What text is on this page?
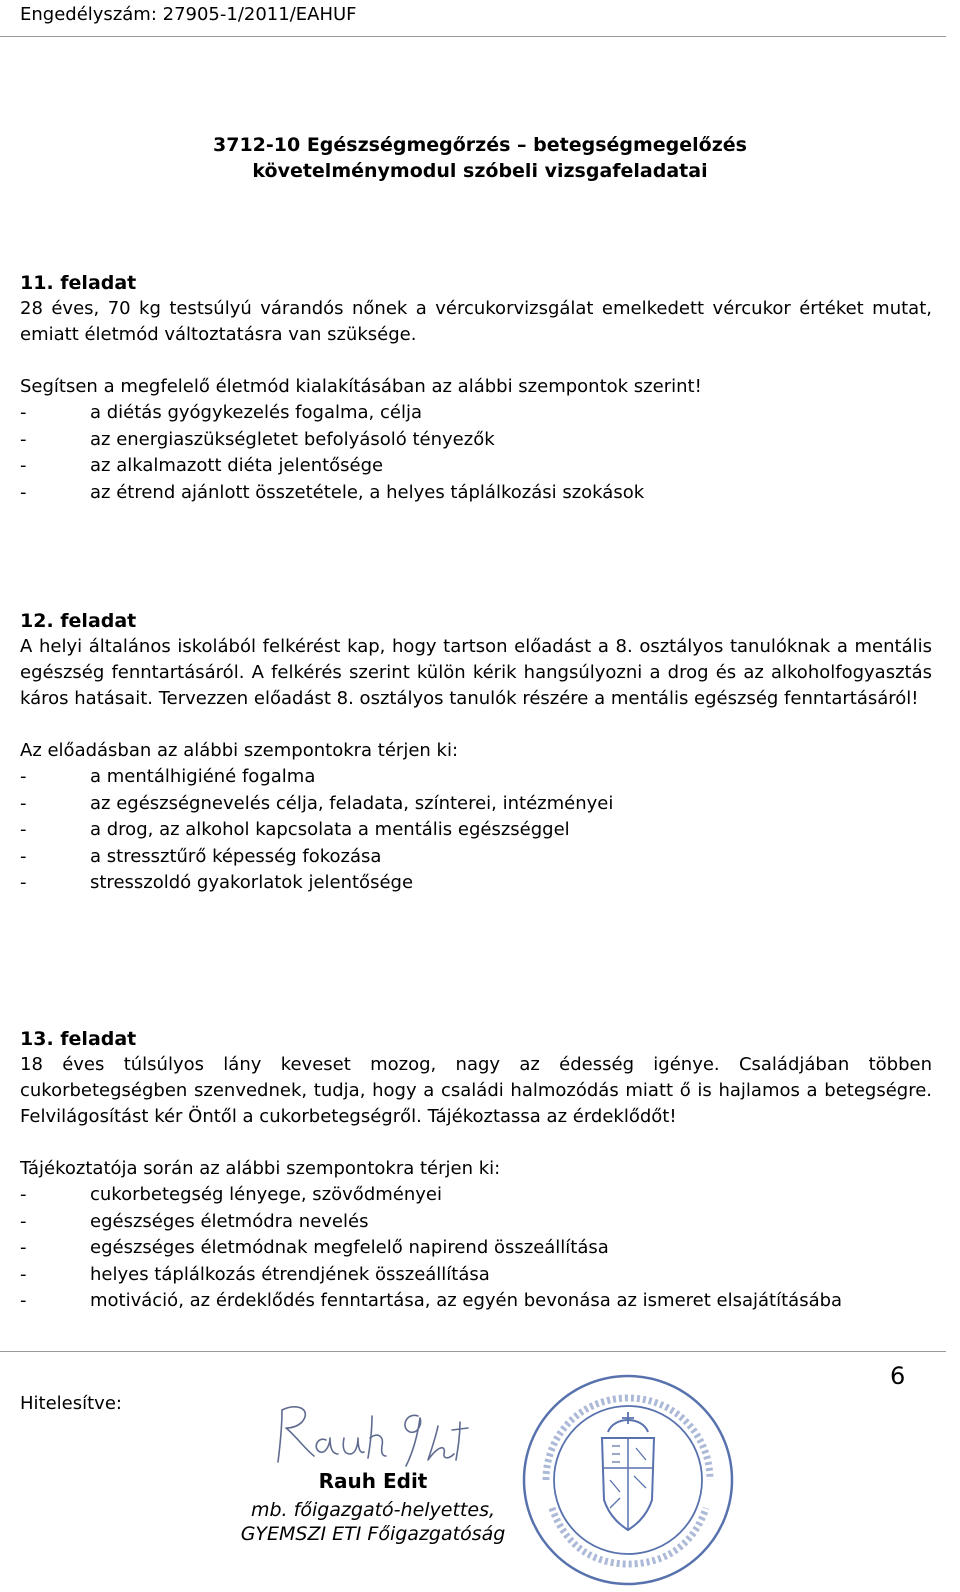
Engedélyszám: 27905-1/2011/EAHUF
3712-10 Egészségmegőrzés – betegségmegelőzés
követelménymodul szóbeli vizsgafeladatai
11. feladat

28 éves, 70 kg testsúlyú várandós nőnek a vércukorvizsgálat emelkedett vércukor értéket mutat, emiatt életmód változtatásra van szüksége.

Segítsen a megfelelő életmód kialakításában az alábbi szempontok szerint!

-	a diétás gyógykezelés fogalma, célja
-	az energiaszükségletet befolyásoló tényezők
-	az alkalmazott diéta jelentősége
-	az étrend ajánlott összetétele, a helyes táplálkozási szokások
12. feladat

A helyi általános iskolából felkérést kap, hogy tartson előadást a 8. osztályos tanulóknak a mentális egészség fenntartásáról. A felkérés szerint külön kérik hangsúlyozni a drog és az alkoholfogyasztás káros hatásait. Tervezzen előadást 8. osztályos tanulók részére a mentális egészség fenntartásáról!

Az előadásban az alábbi szempontokra térjen ki:

-	a mentálhigiéné fogalma
-	az egészségnevelés célja, feladata, színterei, intézményei
-	a drog, az alkohol kapcsolata a mentális egészséggel
-	a stressztűrő képesség fokozása
-	stresszoldó gyakorlatok jelentősége
13. feladat

18 éves túlsúlyos lány keveset mozog, nagy az édesség igénye. Családjában többen cukorbetegségben szenvednek, tudja, hogy a családi halmozódás miatt ő is hajlamos a betegségre. Felvilágosítást kér Öntől a cukorbetegségről. Tájékoztassa az érdeklődőt!

Tájékoztatója során az alábbi szempontokra térjen ki:

-	cukorbetegség lényege, szövődményei
-	egészséges életmódra nevelés
-	egészséges életmódnak megfelelő napirend összeállítása
-	helyes táplálkozás étrendjének összeállítása
-	motiváció, az érdeklődés fenntartása, az egyén bevonása az ismeret elsajátításába
6
Hitelesítve:
Rauh Edit
mb. főigazgató-helyettes,
GYEMSZI ETI Főigazgatóság
